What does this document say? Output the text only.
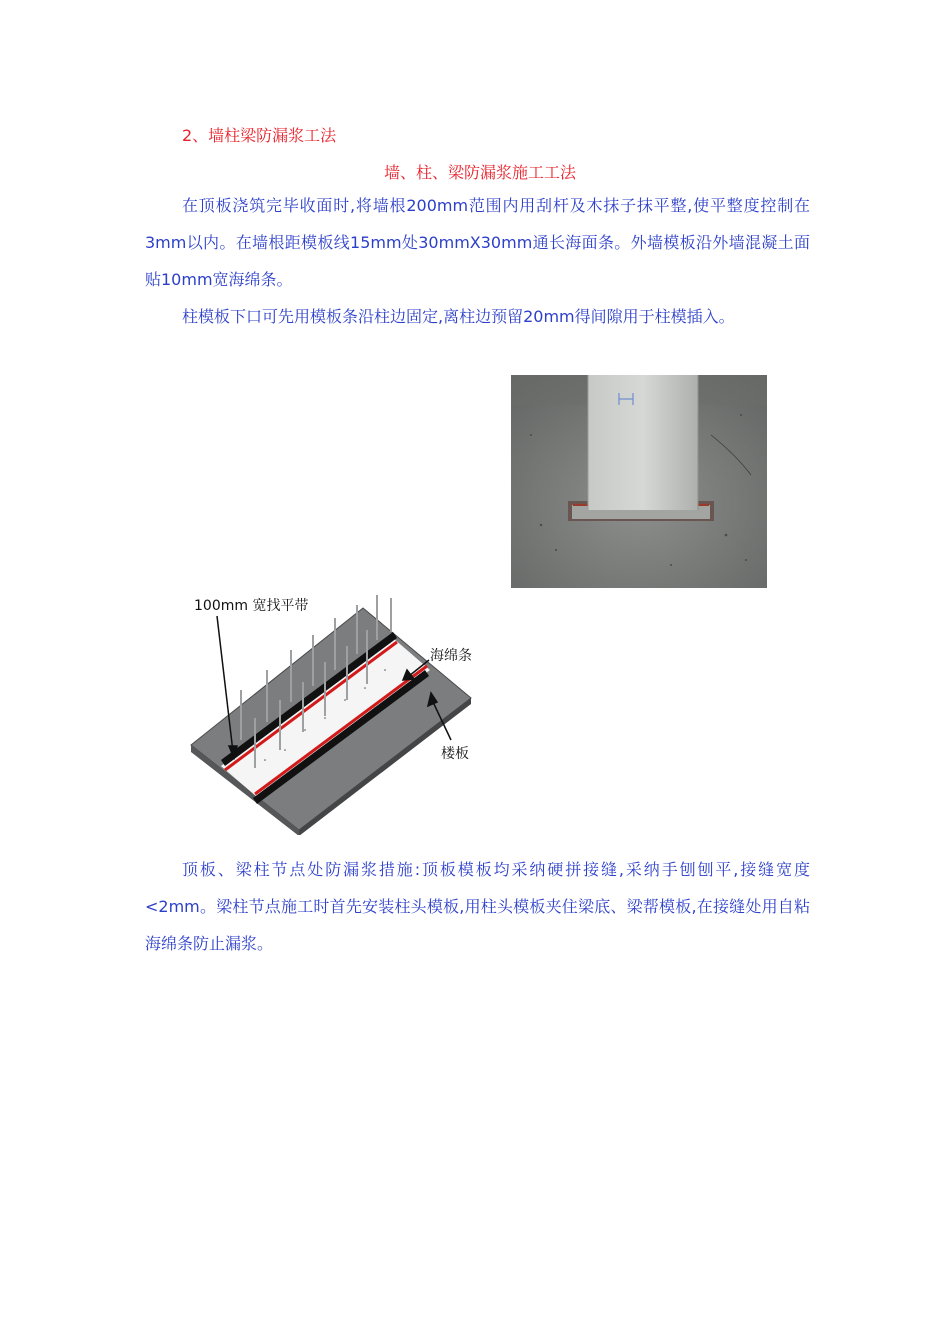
2、墙柱梁防漏浆工法
墙、柱、梁防漏浆施工工法

在顶板浇筑完毕收面时,将墙根200mm范围内用刮杆及木抹子抹平整,使平整度控制在3mm以内。在墙根距模板线15mm处30mmX30mm通长海面条。外墙模板沿外墙混凝土面贴10mm宽海绵条。

柱模板下口可先用模板条沿柱边固定,离柱边预留20mm得间隙用于柱模插入。

100mm 宽找平带
海绵条
楼板

顶板、梁柱节点处防漏浆措施:顶板模板均采纳硬拼接缝,采纳手刨刨平,接缝宽度<2mm。梁柱节点施工时首先安装柱头模板,用柱头模板夹住梁底、梁帮模板,在接缝处用自粘海绵条防止漏浆。
